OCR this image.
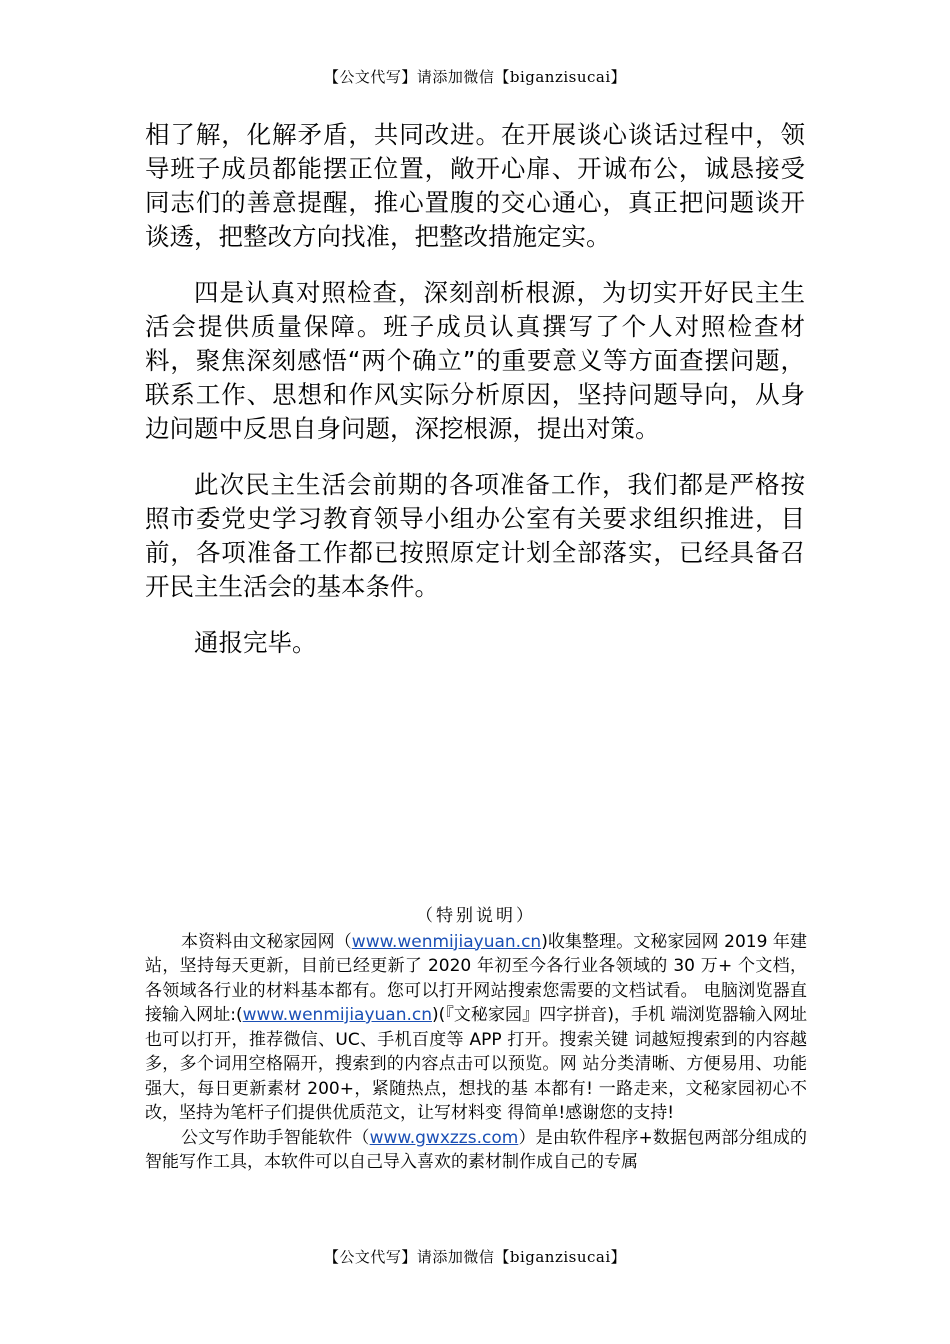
【公文代写】请添加微信【biganzisucai】

相了解，化解矛盾，共同改进。在开展谈心谈话过程中，领导班子成员都能摆正位置，敞开心扉、开诚布公，诚恳接受同志们的善意提醒，推心置腹的交心通心，真正把问题谈开谈透，把整改方向找准，把整改措施定实。

四是认真对照检查，深刻剖析根源，为切实开好民主生活会提供质量保障。班子成员认真撰写了个人对照检查材料，聚焦深刻感悟“两个确立”的重要意义等方面查摆问题，联系工作、思想和作风实际分析原因，坚持问题导向，从身边问题中反思自身问题，深挖根源，提出对策。

此次民主生活会前期的各项准备工作，我们都是严格按照市委党史学习教育领导小组办公室有关要求组织推进，目前，各项准备工作都已按照原定计划全部落实，已经具备召开民主生活会的基本条件。

通报完毕。

（特别说明）

本资料由文秘家园网（www.wenmijiayuan.cn)收集整理。文秘家园网 2019 年建站，坚持每天更新，目前已经更新了 2020 年初至今各行业各领域的 30 万+ 个文档，各领域各行业的材料基本都有。您可以打开网站搜索您需要的文档试看。 电脑浏览器直接输入网址:(www.wenmijiayuan.cn)(『文秘家园』四字拼音)，手机 端浏览器输入网址也可以打开，推荐微信、UC、手机百度等 APP 打开。搜索关键 词越短搜索到的内容越多，多个词用空格隔开，搜索到的内容点击可以预览。网 站分类清晰、方便易用、功能强大，每日更新素材 200+，紧随热点，想找的基 本都有! 一路走来，文秘家园初心不改，坚持为笔杆子们提供优质范文，让写材料变 得简单!感谢您的支持!

公文写作助手智能软件（www.gwxzzs.com）是由软件程序+数据包两部分组成的智能写作工具，本软件可以自己导入喜欢的素材制作成自己的专属

【公文代写】请添加微信【biganzisucai】
